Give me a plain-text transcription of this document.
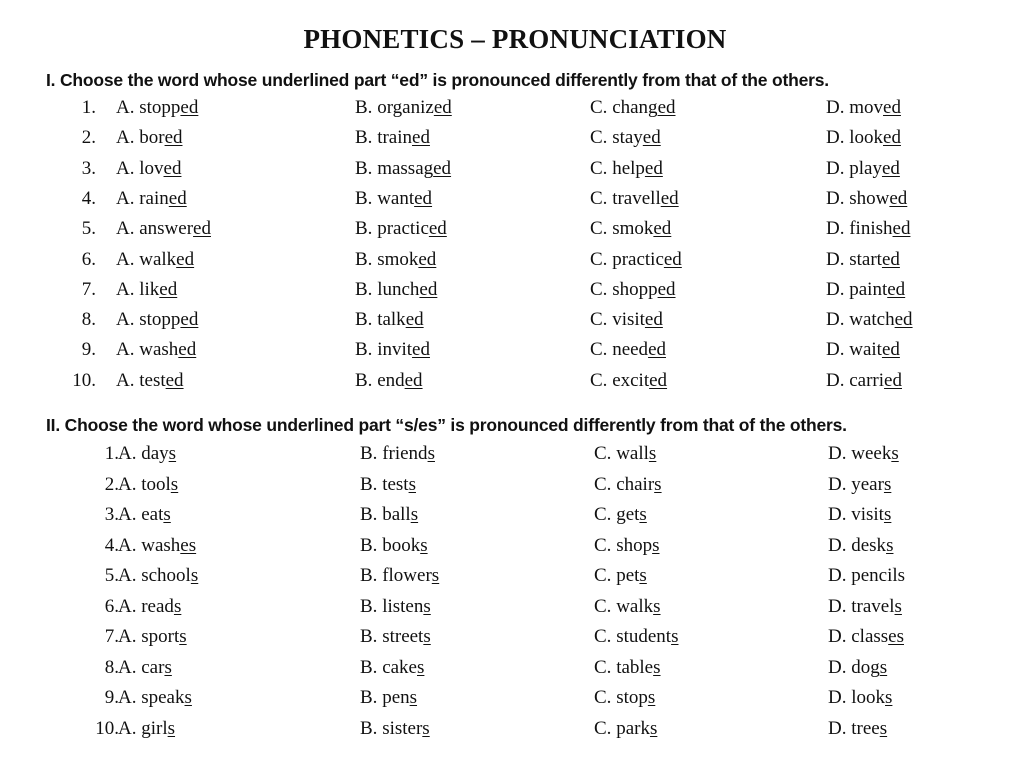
PHONETICS – PRONUNCIATION
I. Choose the word whose underlined part “ed” is pronounced differently from that of the others.
1. A. stopped	B. organized	C. changed	D. moved
2. A. bored	B. trained	C. stayed	D. looked
3. A. loved	B. massaged	C. helped	D. played
4. A. rained	B. wanted	C. travelled	D. showed
5. A. answered	B. practiced	C. smoked	D. finished
6. A. walked	B. smoked	C. practiced	D. started
7. A. liked	B. lunched	C. shopped	D. painted
8. A. stopped	B. talked	C. visited	D. watched
9. A. washed	B. invited	C. needed	D. waited
10. A. tested	B. ended	C. excited	D. carried
II. Choose the word whose underlined part “s/es” is pronounced differently from that of the others.
1. A. days	B. friends	C. walls	D. weeks
2. A. tools	B. tests	C. chairs	D. years
3. A. eats	B. balls	C. gets	D. visits
4. A. washes	B. books	C. shops	D. desks
5. A. schools	B. flowers	C. pets	D. pencils
6. A. reads	B. listens	C. walks	D. travels
7. A. sports	B. streets	C. students	D. classes
8. A. cars	B. cakes	C. tables	D. dogs
9. A. speaks	B. pens	C. stops	D. looks
10. A. girls	B. sisters	C. parks	D. trees
